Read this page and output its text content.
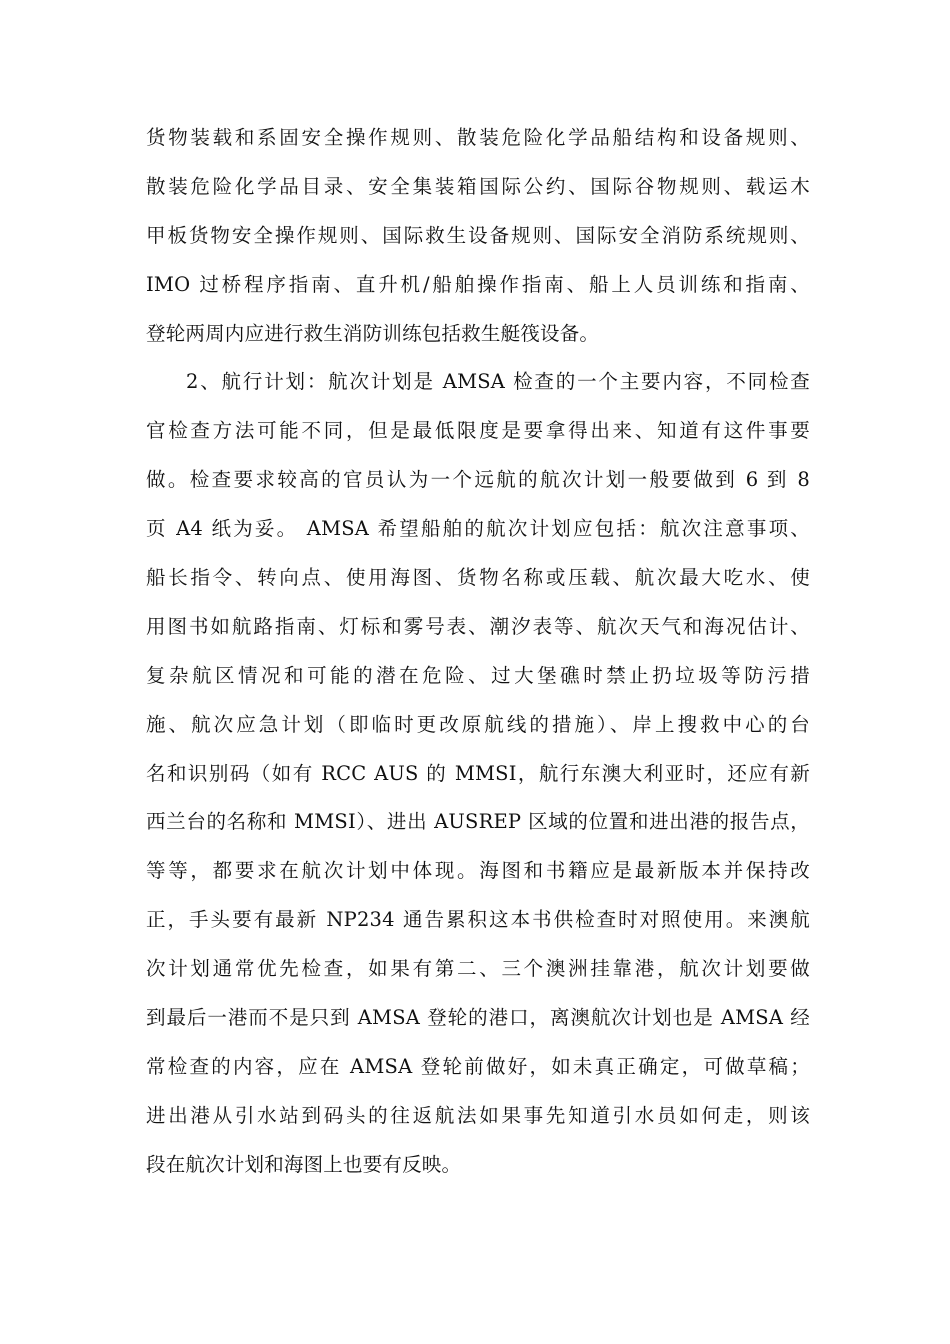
货物装载和系固安全操作规则、散装危险化学品船结构和设备规则、
散装危险化学品目录、安全集装箱国际公约、国际谷物规则、载运木
甲板货物安全操作规则、国际救生设备规则、国际安全消防系统规则、
IMO 过桥程序指南、直升机/船舶操作指南、船上人员训练和指南、
登轮两周内应进行救生消防训练包括救生艇筏设备。
2、航行计划：航次计划是 AMSA 检查的一个主要内容，不同检查
官检查方法可能不同，但是最低限度是要拿得出来、知道有这件事要
做。检查要求较高的官员认为一个远航的航次计划一般要做到 6 到 8
页 A4 纸为妥。 AMSA 希望船舶的航次计划应包括：航次注意事项、
船长指令、转向点、使用海图、货物名称或压载、航次最大吃水、使
用图书如航路指南、灯标和雾号表、潮汐表等、航次天气和海况估计、
复杂航区情况和可能的潜在危险、过大堡礁时禁止扔垃圾等防污措
施、航次应急计划（即临时更改原航线的措施）、岸上搜救中心的台
名和识别码（如有 RCC AUS 的 MMSI，航行东澳大利亚时，还应有新
西兰台的名称和 MMSI）、进出 AUSREP 区域的位置和进出港的报告点，
等等，都要求在航次计划中体现。海图和书籍应是最新版本并保持改
正，手头要有最新 NP234 通告累积这本书供检查时对照使用。来澳航
次计划通常优先检查，如果有第二、三个澳洲挂靠港，航次计划要做
到最后一港而不是只到 AMSA 登轮的港口，离澳航次计划也是 AMSA 经
常检查的内容，应在 AMSA 登轮前做好，如未真正确定，可做草稿；
进出港从引水站到码头的往返航法如果事先知道引水员如何走，则该
段在航次计划和海图上也要有反映。
